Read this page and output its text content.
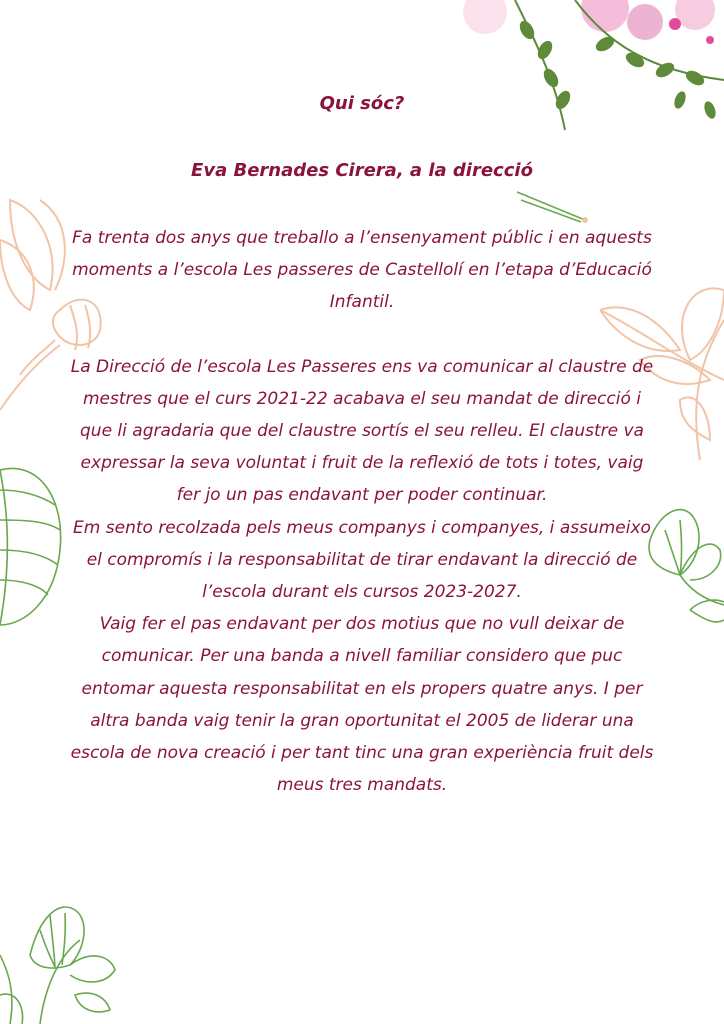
Qui sóc?
Eva Bernades Cirera, a la direcció

Fa trenta dos anys que treballo a l’ensenyament públic i en aquests moments a l’escola Les passeres de Castellolí en l’etapa d’Educació Infantil.

La Direcció de l’escola Les Passeres ens va comunicar al claustre de mestres que el curs 2021-22 acabava el seu mandat de direcció i que li agradaria que del claustre sortís el seu relleu. El claustre va expressar la seva voluntat i fruit de la reflexió de tots i totes, vaig fer jo un pas endavant per poder continuar.

Em sento recolzada pels meus companys i companyes, i assumeixo el compromís i la responsabilitat de tirar endavant la direcció de l’escola durant els cursos 2023-2027.

Vaig fer el pas endavant per dos motius que no vull deixar de comunicar. Per una banda a nivell familiar considero que puc entomar aquesta responsabilitat en els propers quatre anys. I per altra banda vaig tenir la gran oportunitat el 2005 de liderar una escola de nova creació i per tant tinc una gran experiència fruit dels meus tres mandats.
